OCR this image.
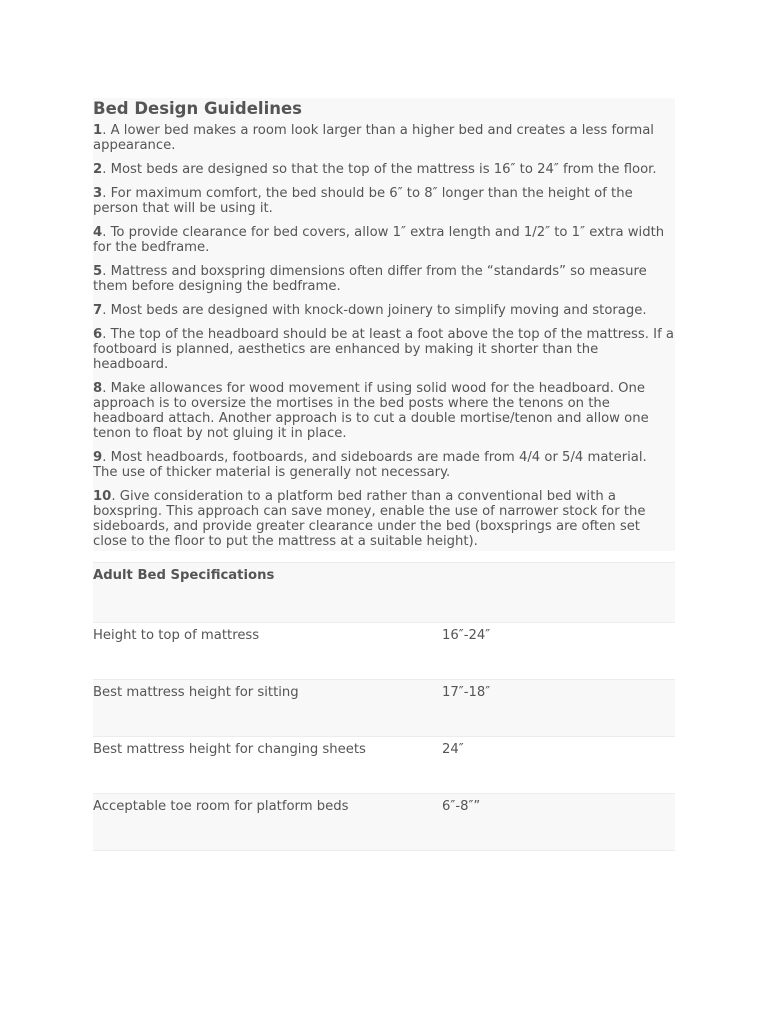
Bed Design Guidelines

1. A lower bed makes a room look larger than a higher bed and creates a less formal appearance.

2. Most beds are designed so that the top of the mattress is 16″ to 24″ from the floor.

3. For maximum comfort, the bed should be 6″ to 8″ longer than the height of the person that will be using it.

4. To provide clearance for bed covers, allow 1″ extra length and 1/2″ to 1″ extra width for the bedframe.

5. Mattress and boxspring dimensions often differ from the “standards” so measure them before designing the bedframe.

7. Most beds are designed with knock-down joinery to simplify moving and storage.

6. The top of the headboard should be at least a foot above the top of the mattress. If a footboard is planned, aesthetics are enhanced by making it shorter than the headboard.

8. Make allowances for wood movement if using solid wood for the headboard. One approach is to oversize the mortises in the bed posts where the tenons on the headboard attach. Another approach is to cut a double mortise/tenon and allow one tenon to float by not gluing it in place.

9. Most headboards, footboards, and sideboards are made from 4/4 or 5/4 material. The use of thicker material is generally not necessary.

10. Give consideration to a platform bed rather than a conventional bed with a boxspring. This approach can save money, enable the use of narrower stock for the sideboards, and provide greater clearance under the bed (boxsprings are often set close to the floor to put the mattress at a suitable height).

Adult Bed Specifications	
Height to top of mattress	16″-24″
Best mattress height for sitting	17″-18″
Best mattress height for changing sheets	24″
Acceptable toe room for platform beds	6″-8″”
